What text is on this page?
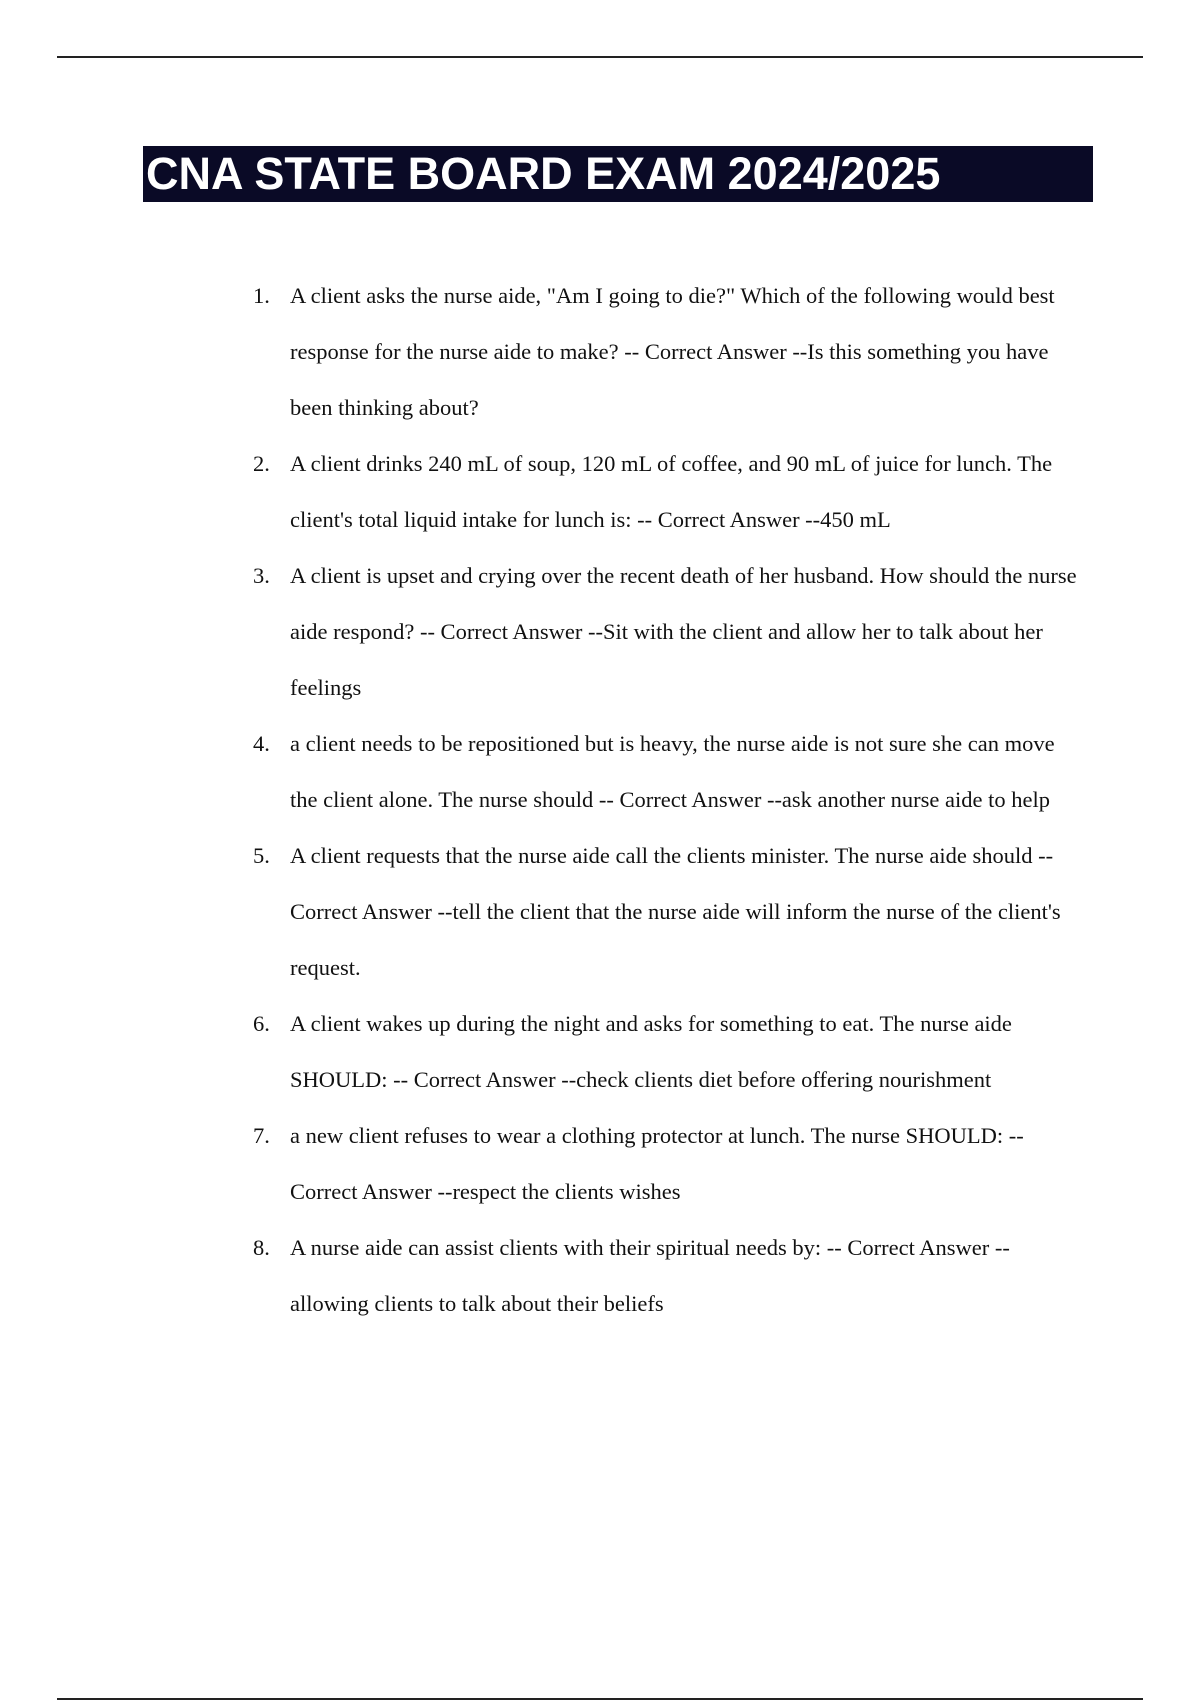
CNA STATE BOARD EXAM 2024/2025
1. A client asks the nurse aide, "Am I going to die?" Which of the following would best response for the nurse aide to make? -- Correct Answer --Is this something you have been thinking about?
2. A client drinks 240 mL of soup, 120 mL of coffee, and 90 mL of juice for lunch. The client's total liquid intake for lunch is: -- Correct Answer --450 mL
3. A client is upset and crying over the recent death of her husband. How should the nurse aide respond? -- Correct Answer --Sit with the client and allow her to talk about her feelings
4. a client needs to be repositioned but is heavy, the nurse aide is not sure she can move the client alone. The nurse should -- Correct Answer --ask another nurse aide to help
5. A client requests that the nurse aide call the clients minister. The nurse aide should -- Correct Answer --tell the client that the nurse aide will inform the nurse of the client's request.
6. A client wakes up during the night and asks for something to eat. The nurse aide SHOULD: -- Correct Answer --check clients diet before offering nourishment
7. a new client refuses to wear a clothing protector at lunch. The nurse SHOULD: -- Correct Answer --respect the clients wishes
8. A nurse aide can assist clients with their spiritual needs by: -- Correct Answer --allowing clients to talk about their beliefs
